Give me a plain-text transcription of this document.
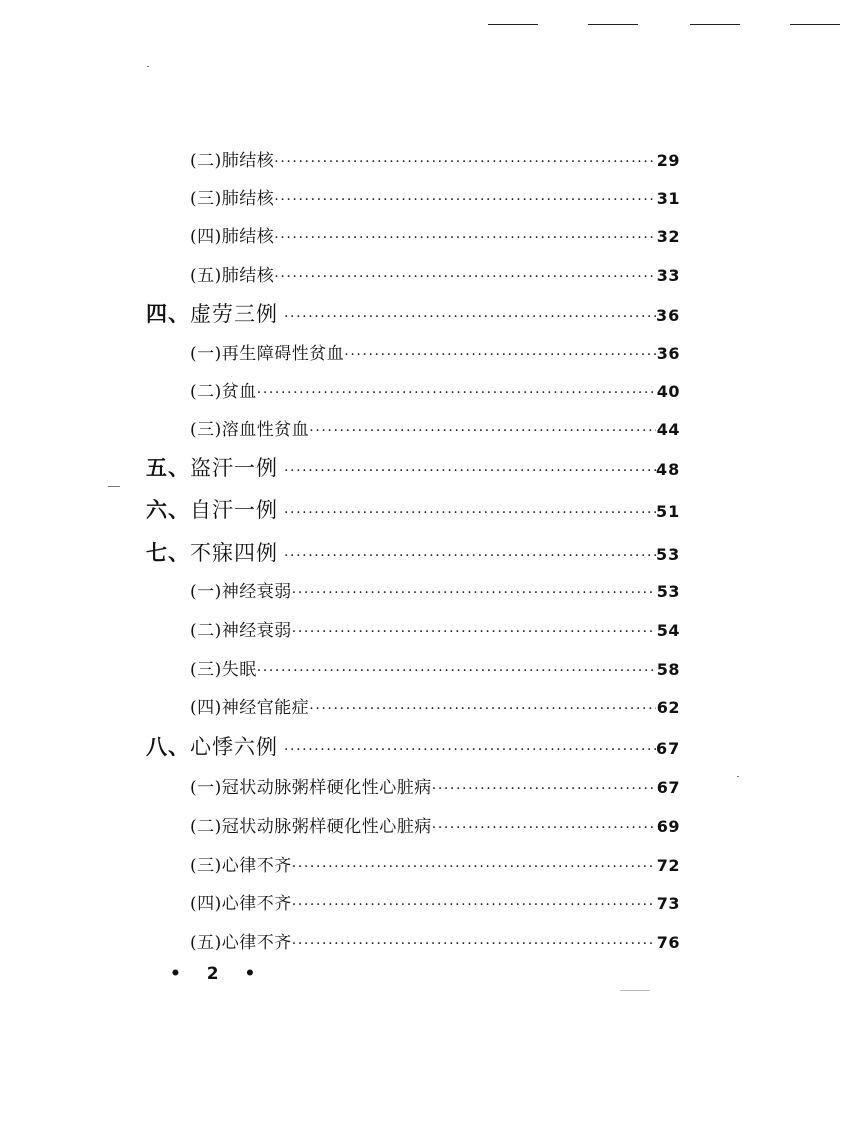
(二)肺结核 ·····	29
(三)肺结核 ·····	31
(四)肺结核 ·····	32
(五)肺结核 ·····	33
四、 虚劳三例 ·····	36
(一)再生障碍性贫血 ·····	36
(二)贫血 ·····	40
(三)溶血性贫血 ·····	44
五、 盗汗一例 ·····	48
六、 自汗一例 ·····	51
七、 不寐四例 ·····	53
(一)神经衰弱 ·····	53
(二)神经衰弱 ·····	54
(三)失眠 ·····	58
(四)神经官能症 ·····	62
八、 心悸六例 ·····	67
(一)冠状动脉粥样硬化性心脏病 ·····	67
(二)冠状动脉粥样硬化性心脏病 ·····	69
(三)心律不齐 ·····	72
(四)心律不齐 ·····	73
(五)心律不齐 ·····	76
• 2 •
